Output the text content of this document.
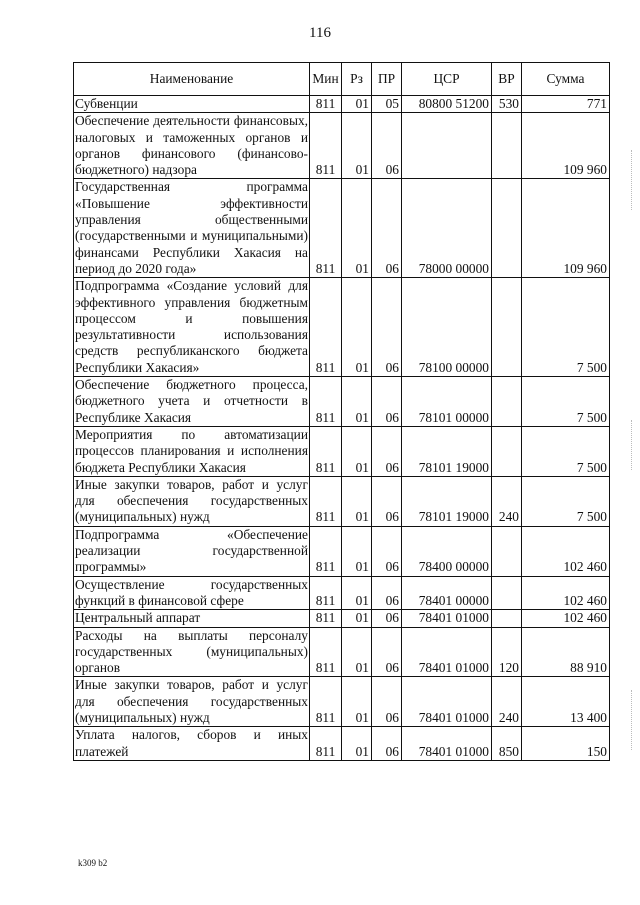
116
Наименование	Мин	Рз	ПР	ЦСР	ВР	Сумма
Субвенции	811	01	05	80800 51200	530	771
Обеспечение деятельности финансовых, налоговых и таможенных органов и органов финансового (финансово-бюджетного) надзора	811	01	06			109 960
Государственная программа «Повышение эффективности управления общественными (государственными и муниципальными) финансами Республики Хакасия на период до 2020 года»	811	01	06	78000 00000		109 960
Подпрограмма «Создание условий для эффективного управления бюджетным процессом и повышения результативности использования средств республиканского бюджета Республики Хакасия»	811	01	06	78100 00000		7 500
Обеспечение бюджетного процесса, бюджетного учета и отчетности в Республике Хакасия	811	01	06	78101 00000		7 500
Мероприятия по автоматизации процессов планирования и исполнения бюджета Республики Хакасия	811	01	06	78101 19000		7 500
Иные закупки товаров, работ и услуг для обеспечения государственных (муниципальных) нужд	811	01	06	78101 19000	240	7 500
Подпрограмма «Обеспечение реализации государственной программы»	811	01	06	78400 00000		102 460
Осуществление государственных функций в финансовой сфере	811	01	06	78401 00000		102 460
Центральный аппарат	811	01	06	78401 01000		102 460
Расходы на выплаты персоналу государственных (муниципальных) органов	811	01	06	78401 01000	120	88 910
Иные закупки товаров, работ и услуг для обеспечения государственных (муниципальных) нужд	811	01	06	78401 01000	240	13 400
Уплата налогов, сборов и иных платежей	811	01	06	78401 01000	850	150
k309 b2
